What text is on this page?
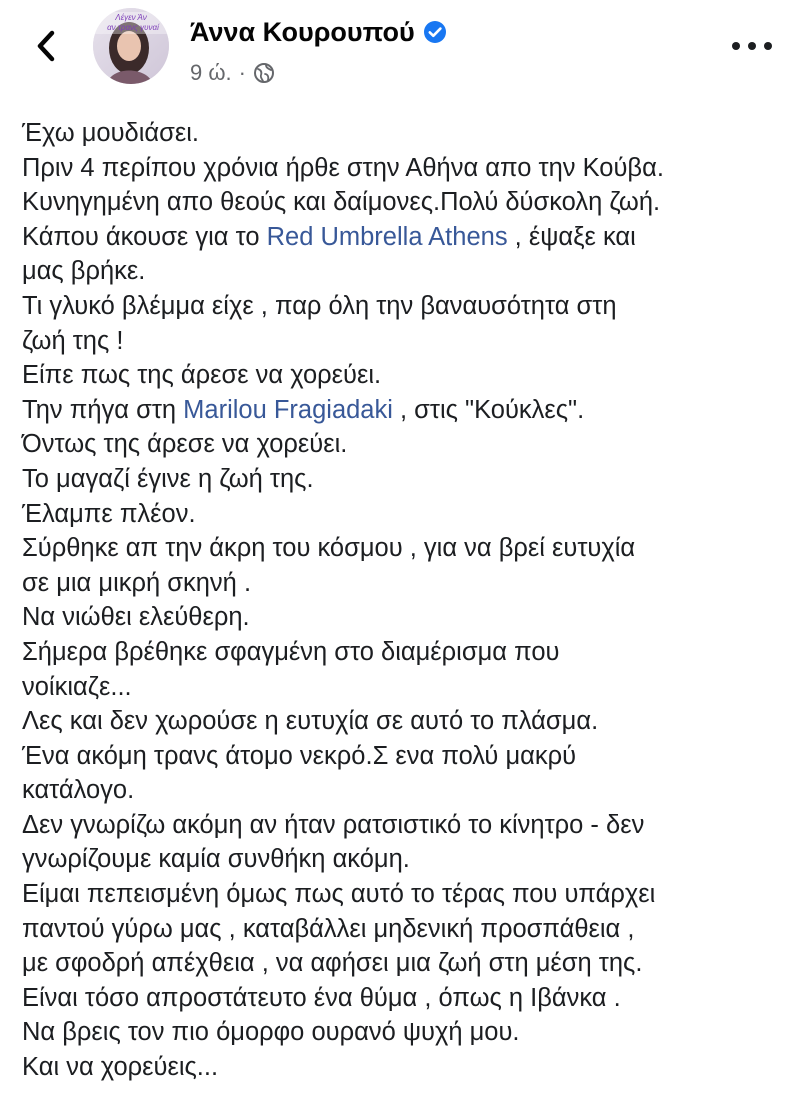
Λέγεν Άν
αν τρανς γυναί Άννα Κουρουπού
9 ώ. ·
Έχω μουδιάσει.
Πριν 4 περίπου χρόνια ήρθε στην Αθήνα απο την Κούβα.
Κυνηγημένη απο θεούς και δαίμονες.Πολύ δύσκολη ζωή.
Κάπου άκουσε για το Red Umbrella Athens , έψαξε και
μας βρήκε.
Τι γλυκό βλέμμα είχε , παρ όλη την βαναυσότητα στη
ζωή της !
Είπε πως της άρεσε να χορεύει.
Την πήγα στη Marilou Fragiadaki , στις "Κούκλες".
Όντως της άρεσε να χορεύει.
Το μαγαζί έγινε η ζωή της.
Έλαμπε πλέον.
Σύρθηκε απ την άκρη του κόσμου , για να βρεί ευτυχία
σε μια μικρή σκηνή .
Να νιώθει ελεύθερη.
Σήμερα βρέθηκε σφαγμένη στο διαμέρισμα που
νοίκιαζε...
Λες και δεν χωρούσε η ευτυχία σε αυτό το πλάσμα.
Ένα ακόμη τρανς άτομο νεκρό.Σ ενα πολύ μακρύ
κατάλογο.
Δεν γνωρίζω ακόμη αν ήταν ρατσιστικό το κίνητρο - δεν
γνωρίζουμε καμία συνθήκη ακόμη.
Είμαι πεπεισμένη όμως πως αυτό το τέρας που υπάρχει
παντού γύρω μας , καταβάλλει μηδενική προσπάθεια ,
με σφοδρή απέχθεια , να αφήσει μια ζωή στη μέση της.
Είναι τόσο απροστάτευτο ένα θύμα , όπως η Ιβάνκα .
Να βρεις τον πιο όμορφο ουρανό ψυχή μου.
Και να χορεύεις...
